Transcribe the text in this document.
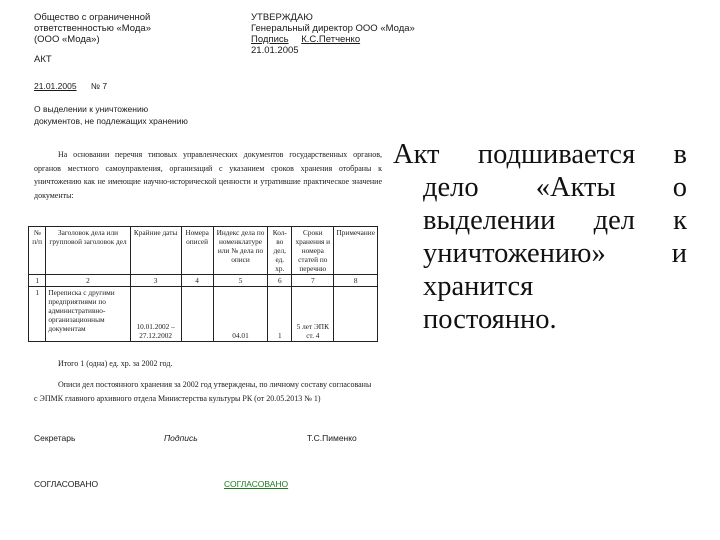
Общество с ограниченной
ответственностью «Мода»
(ООО «Мода»)
УТВЕРЖДАЮ
Генеральный директор ООО «Мода»
Подпись К.С.Петченко
21.01.2005
АКТ
21.01.2005 № 7
О выделении к уничтожению
документов, не подлежащих хранению
На основании перечня типовых управленческих документов государственных органов, органов местного самоуправления, организаций с указанием сроков хранения отобраны к уничтожению как не имеющие научно-исторической ценности и утратившие практическое значение документы:
№ п/п	Заголовок дела или групповой заголовок дел	Крайние даты	Номера описей	Индекс дела по номенклатуре или № дела по описи	Кол-во дел, ед. хр.	Сроки хранения и номера статей по перечню	Примечание
1	2	3	4	5	6	7	8
1	Переписка с другими предприятиями по административно-организационным документам	10.01.2002 – 27.12.2002		04.01	1	5 лет ЭПК ст. 4	
Итого 1 (одна) ед. хр. за 2002 год.
Описи дел постоянного хранения за 2002 год утверждены, по личному составу согласованы
с ЭПМК главного архивного отдела Министерства культуры РК (от 20.05.2013 № 1)
Секретарь	Подпись	Т.С.Пименко
СОГЛАСОВАНО	СОГЛАСОВАНО
Акт подшивается в
дело «Акты о
выделении дел к
уничтожению» и
хранится
постоянно.
